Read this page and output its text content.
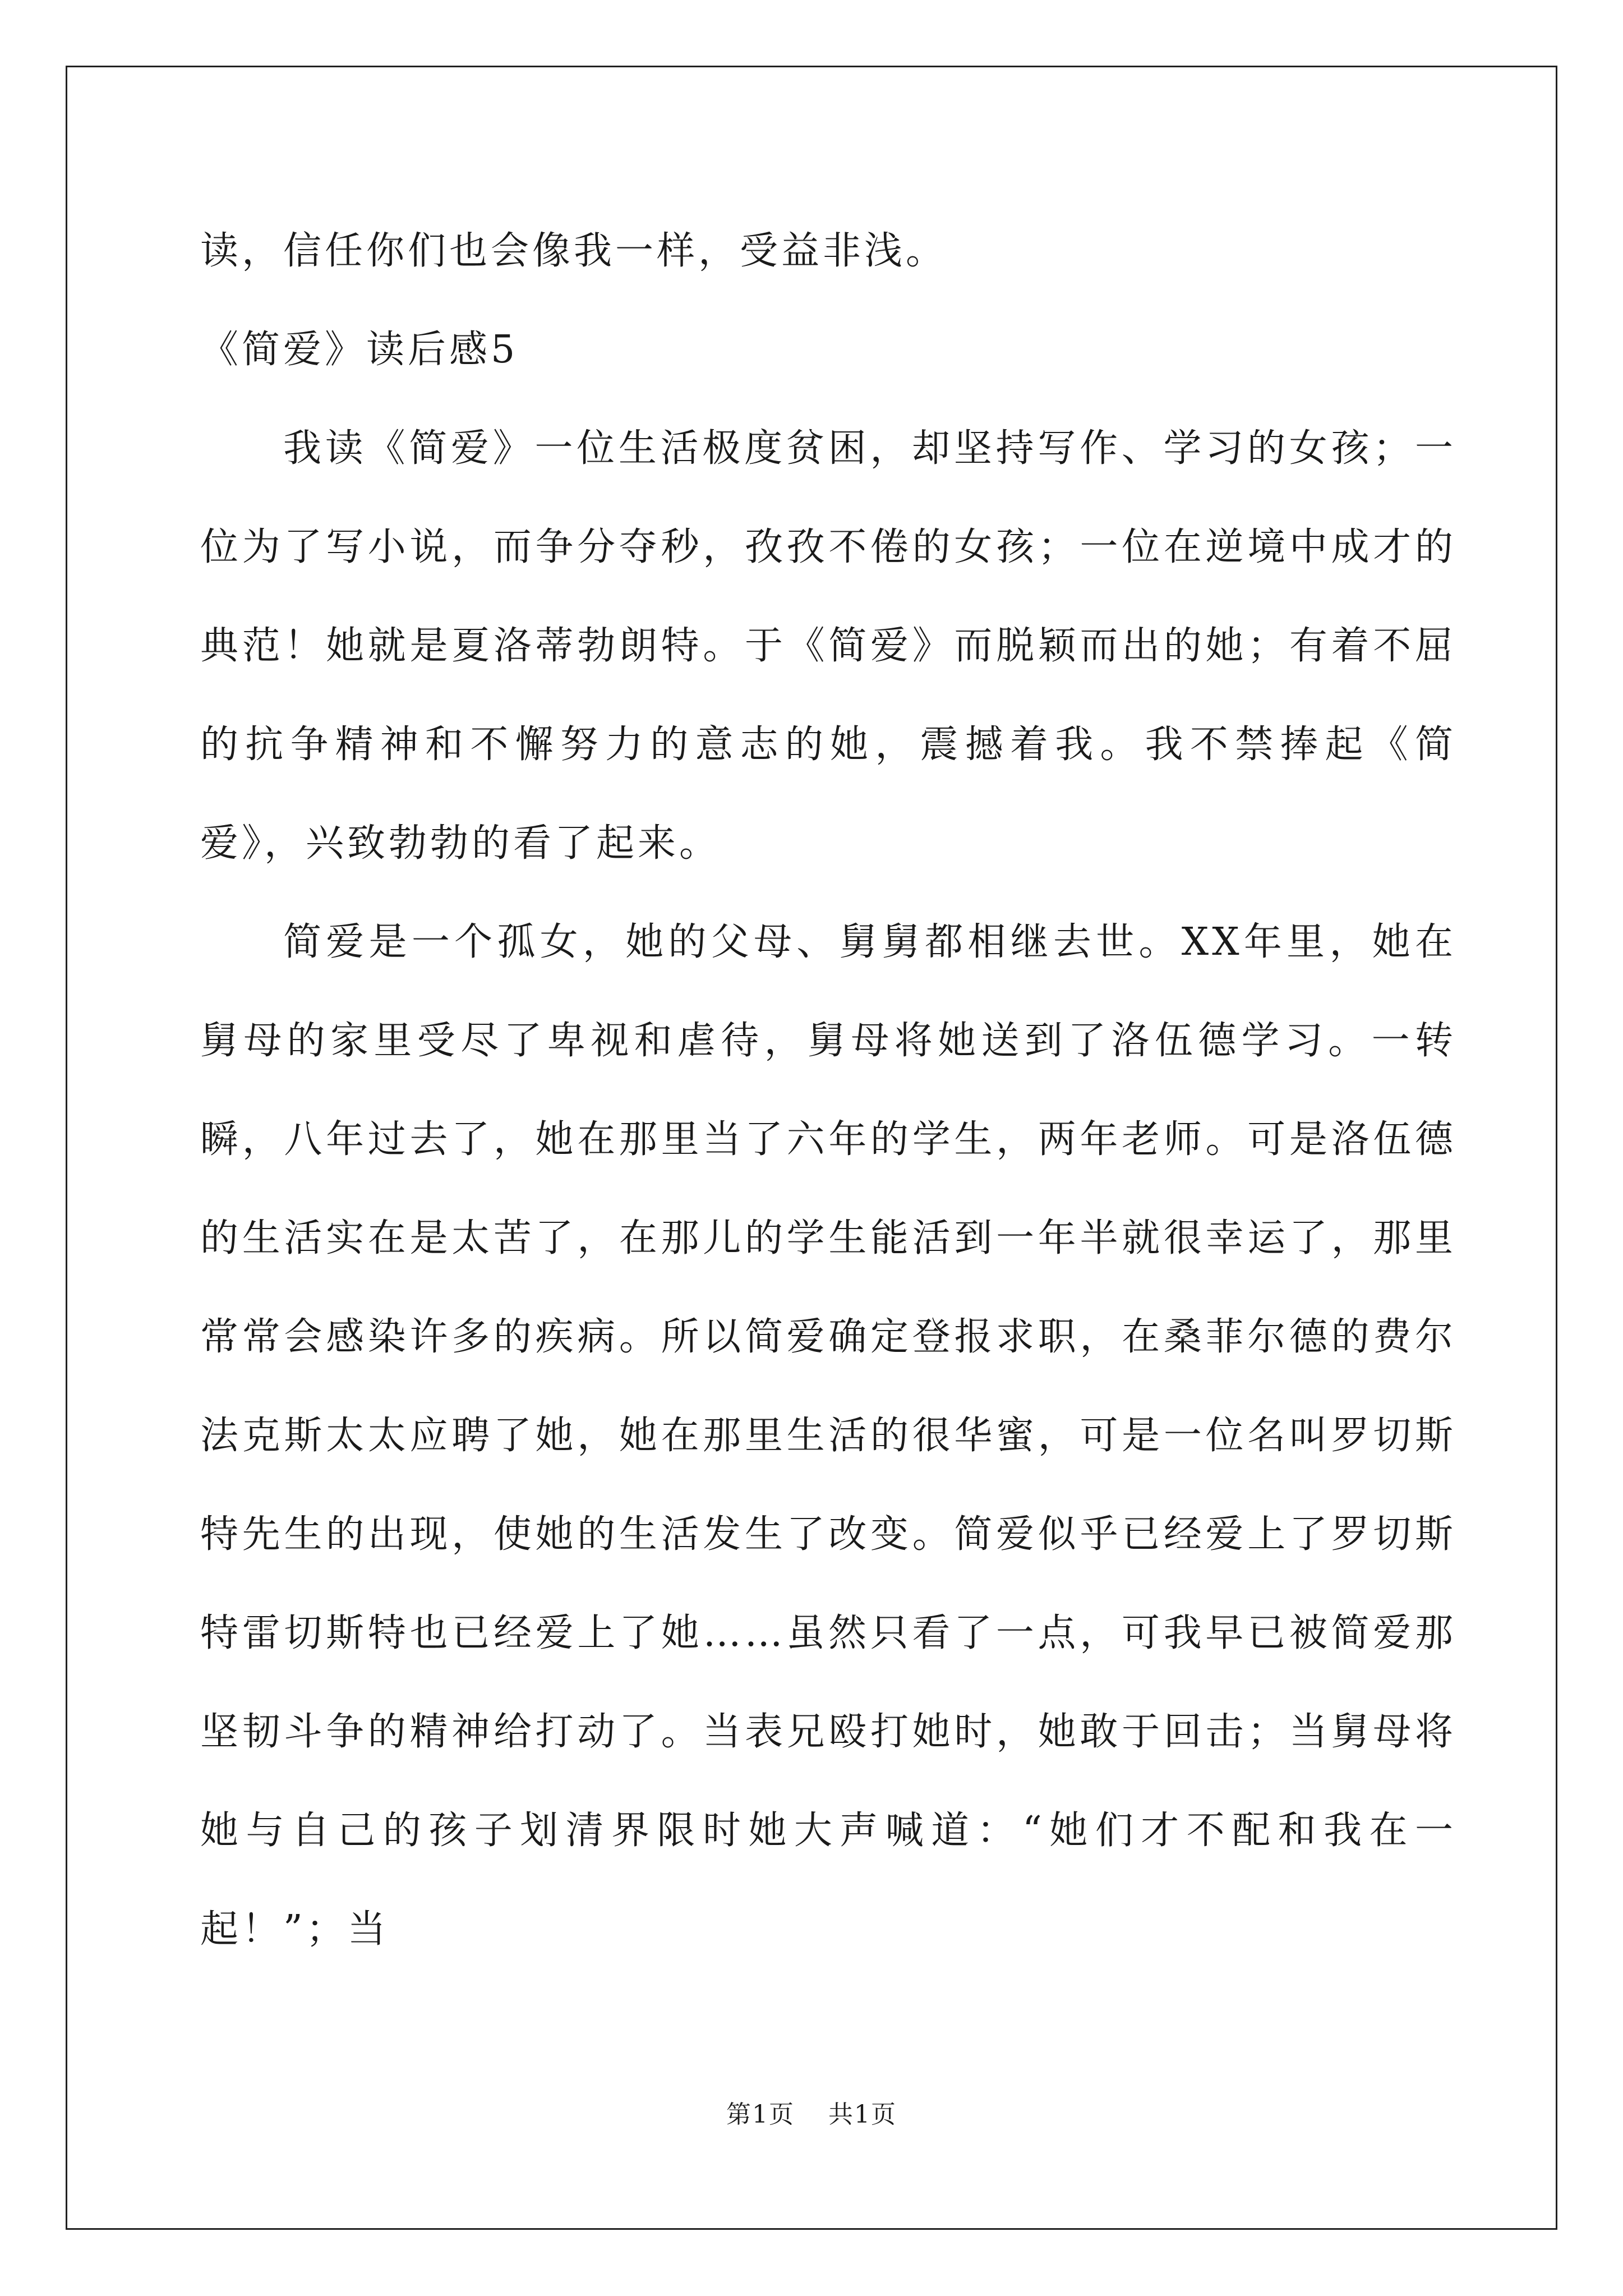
读，信任你们也会像我一样，受益非浅。

《简爱》读后感5

我读《简爱》一位生活极度贫困，却坚持写作、学习的女孩；一位为了写小说，而争分夺秒，孜孜不倦的女孩；一位在逆境中成才的典范！她就是夏洛蒂勃朗特。于《简爱》而脱颖而出的她；有着不屈的抗争精神和不懈努力的意志的她，震撼着我。我不禁捧起《简爱》，兴致勃勃的看了起来。

简爱是一个孤女，她的父母、舅舅都相继去世。XX年里，她在舅母的家里受尽了卑视和虐待，舅母将她送到了洛伍德学习。一转瞬，八年过去了，她在那里当了六年的学生，两年老师。可是洛伍德的生活实在是太苦了，在那儿的学生能活到一年半就很幸运了，那里常常会感染许多的疾病。所以简爱确定登报求职，在桑菲尔德的费尔法克斯太太应聘了她，她在那里生活的很华蜜，可是一位名叫罗切斯特先生的出现，使她的生活发生了改变。简爱似乎已经爱上了罗切斯特雷切斯特也已经爱上了她……虽然只看了一点，可我早已被简爱那坚韧斗争的精神给打动了。当表兄殴打她时，她敢于回击；当舅母将她与自己的孩子划清界限时她大声喊道：“她们才不配和我在一起！”；当

第1页 共1页
